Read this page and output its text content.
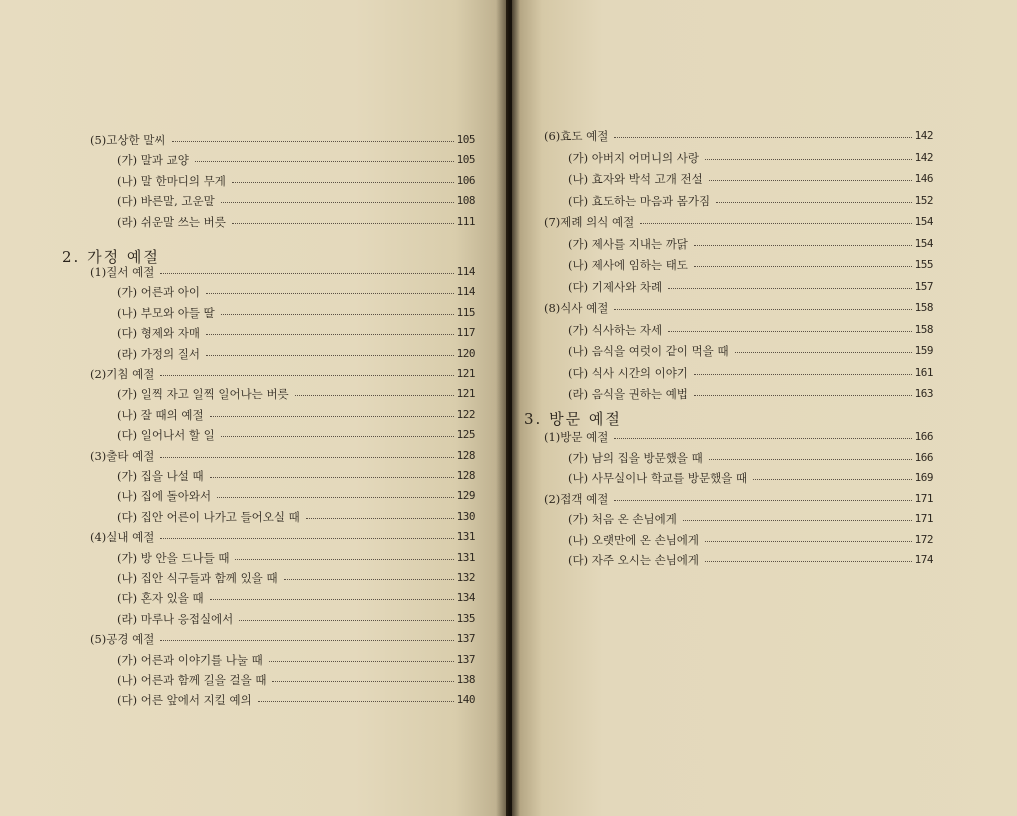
2. 가정 예절
(5)고상한 말씨	105
(가) 말과 교양	105
(나) 말 한마디의 무게	106
(다) 바른말, 고운말	108
(라) 쉬운말 쓰는 버릇	111
(1)질서 예절	114
(가) 어른과 아이	114
(나) 부모와 아들 딸	115
(다) 형제와 자매	117
(라) 가정의 질서	120
(2)기침 예절	121
(가) 일찍 자고 일찍 일어나는 버릇	121
(나) 잘 때의 예절	122
(다) 일어나서 할 일	125
(3)출타 예절	128
(가) 집을 나설 때	128
(나) 집에 돌아와서	129
(다) 집안 어른이 나가고 들어오실 때	130
(4)실내 예절	131
(가) 방 안을 드나들 때	131
(나) 집안 식구들과 함께 있을 때	132
(다) 혼자 있을 때	134
(라) 마루나 응접실에서	135
(5)공경 예절	137
(가) 어른과 이야기를 나눌 때	137
(나) 어른과 함께 길을 걸을 때	138
(다) 어른 앞에서 지킬 예의	140
3. 방문 예절
(6)효도 예절	142
(가) 아버지 어머니의 사랑	142
(나) 효자와 박석 고개 전설	146
(다) 효도하는 마음과 몸가짐	152
(7)제례 의식 예절	154
(가) 제사를 지내는 까닭	154
(나) 제사에 임하는 태도	155
(다) 기제사와 차례	157
(8)식사 예절	158
(가) 식사하는 자세	158
(나) 음식을 여럿이 같이 먹을 때	159
(다) 식사 시간의 이야기	161
(라) 음식을 권하는 예법	163
(1)방문 예절	166
(가) 남의 집을 방문했을 때	166
(나) 사무실이나 학교를 방문했을 때	169
(2)접객 예절	171
(가) 처음 온 손님에게	171
(나) 오랫만에 온 손님에게	172
(다) 자주 오시는 손님에게	174
